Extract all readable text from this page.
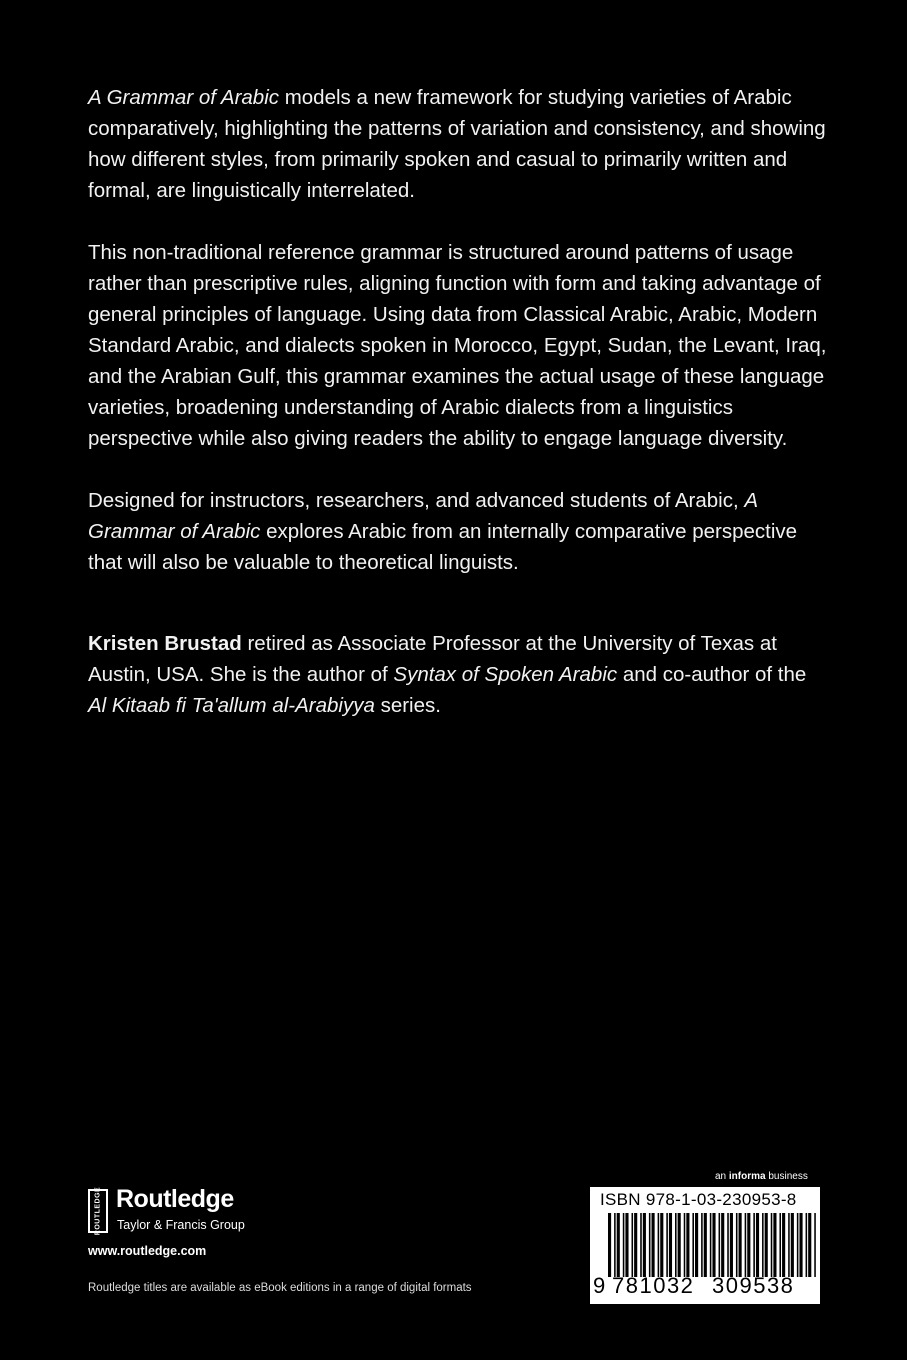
A Grammar of Arabic models a new framework for studying varieties of Arabic comparatively, highlighting the patterns of variation and consistency, and showing how different styles, from primarily spoken and casual to primarily written and formal, are linguistically interrelated.

This non-traditional reference grammar is structured around patterns of usage rather than prescriptive rules, aligning function with form and taking advantage of general principles of language. Using data from Classical Arabic, Arabic, Modern Standard Arabic, and dialects spoken in Morocco, Egypt, Sudan, the Levant, Iraq, and the Arabian Gulf, this grammar examines the actual usage of these language varieties, broadening understanding of Arabic dialects from a linguistics perspective while also giving readers the ability to engage language diversity.

Designed for instructors, researchers, and advanced students of Arabic, A Grammar of Arabic explores Arabic from an internally comparative perspective that will also be valuable to theoretical linguists.

Kristen Brustad retired as Associate Professor at the University of Texas at Austin, USA. She is the author of Syntax of Spoken Arabic and co-author of the Al Kitaab fi Ta'allum al-Arabiyya series.

ROUTLEDGE Routledge
Taylor & Francis Group
www.routledge.com
Routledge titles are available as eBook editions in a range of digital formats
an informa business
ISBN 978-1-03-230953-8
9 781032 309538
